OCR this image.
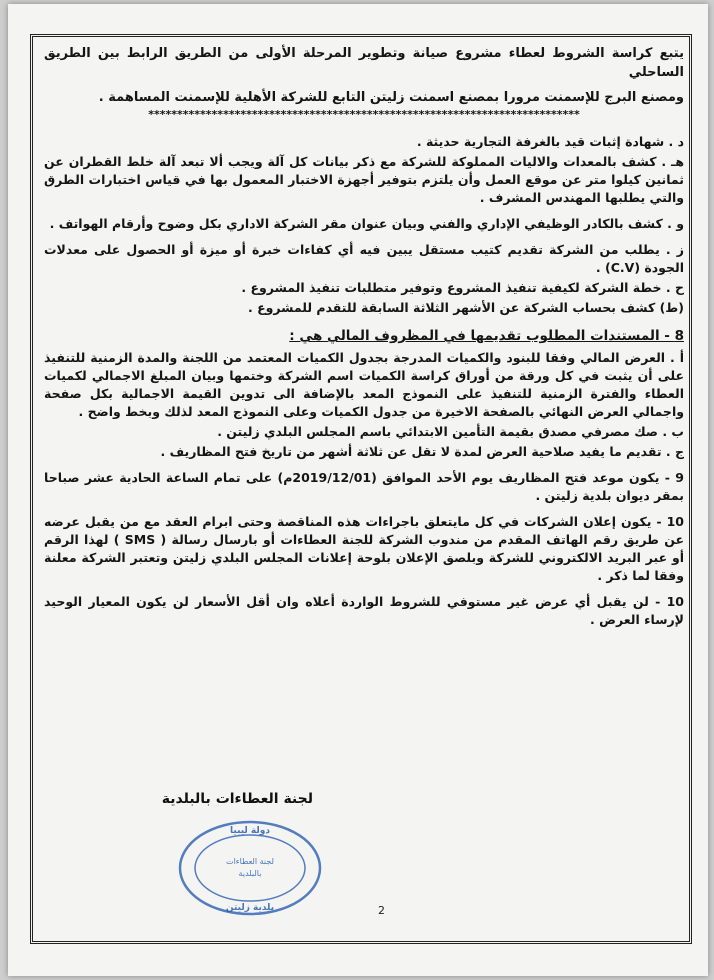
يتبع كراسة الشروط لعطاء مشروع صيانة وتطوير المرحلة الأولى من الطريق الرابط بين الطريق الساحلي

ومصنع البرج للإسمنت مرورا بمصنع اسمنت زليتن التابع للشركة الأهلية للإسمنت المساهمة .

***************************************************************************

د . شهادة إثبات قيد بالغرفة التجارية حديثة .

هـ . كشف بالمعدات والاليات المملوكة للشركة مع ذكر بيانات كل آلة ويجب ألا تبعد آلة خلط القطران عن ثمانين كيلوا متر عن موقع العمل وأن يلتزم بتوفير أجهزة الاختبار المعمول بها في قياس اختبارات الطرق والتي يطلبها المهندس المشرف .

و . كشف بالكادر الوظيفي الإداري والفني وبيان عنوان مقر الشركة الاداري بكل وضوح وأرقام الهواتف .

ز . يطلب من الشركة تقديم كتيب مستقل يبين فيه أي كفاءات خبرة أو ميزة أو الحصول على معدلات الجودة (C.V) .

ح . خطة الشركة لكيفية تنفيذ المشروع وتوفير متطلبات تنفيذ المشروع .

(ط) كشف بحساب الشركة عن الأشهر الثلاثة السابقة للتقدم للمشروع .

8 - المستندات المطلوب تقديمها في المظروف المالي هي :

أ . العرض المالي وفقا للبنود والكميات المدرجة بجدول الكميات المعتمد من اللجنة والمدة الزمنية للتنفيذ على أن يثبت في كل ورقة من أوراق كراسة الكميات اسم الشركة وختمها وبيان المبلغ الاجمالي لكميات العطاء والفترة الزمنية للتنفيذ على النموذج المعد بالإضافة الى تدوين القيمة الاجمالية بكل صفحة واجمالي العرض النهائي بالصفحة الاخيرة من جدول الكميات وعلى النموذج المعد لذلك وبخط واضح .

ب . صك مصرفي مصدق بقيمة التأمين الابتدائي باسم المجلس البلدي زليتن .

ج . تقديم ما يفيد صلاحية العرض لمدة لا تقل عن ثلاثة أشهر من تاريخ فتح المظاريف .

9 - يكون موعد فتح المظاريف يوم الأحد الموافق (2019/12/01م) على تمام الساعة الحادية عشر صباحا بمقر ديوان بلدية زليتن .

10 - يكون إعلان الشركات في كل مايتعلق باجراءات هذه المناقصة وحتى ابرام العقد مع من يقبل عرضه عن طريق رقم الهاتف المقدم من مندوب الشركة للجنة العطاءات أو بارسال رسالة ( SMS ) لهذا الرقم أو عبر البريد الالكتروني للشركة وبلصق الإعلان بلوحة إعلانات المجلس البلدي زليتن وتعتبر الشركة معلنة وفقا لما ذكر .

10 - لن يقبل أي عرض غير مستوفي للشروط الواردة أعلاه وان أقل الأسعار لن يكون المعيار الوحيد لإرساء العرض .

لجنة العطاءات بالبلدية
دولة ليبيا
لجنة العطاءات
بالبلدية
بلدية زليتن	2
